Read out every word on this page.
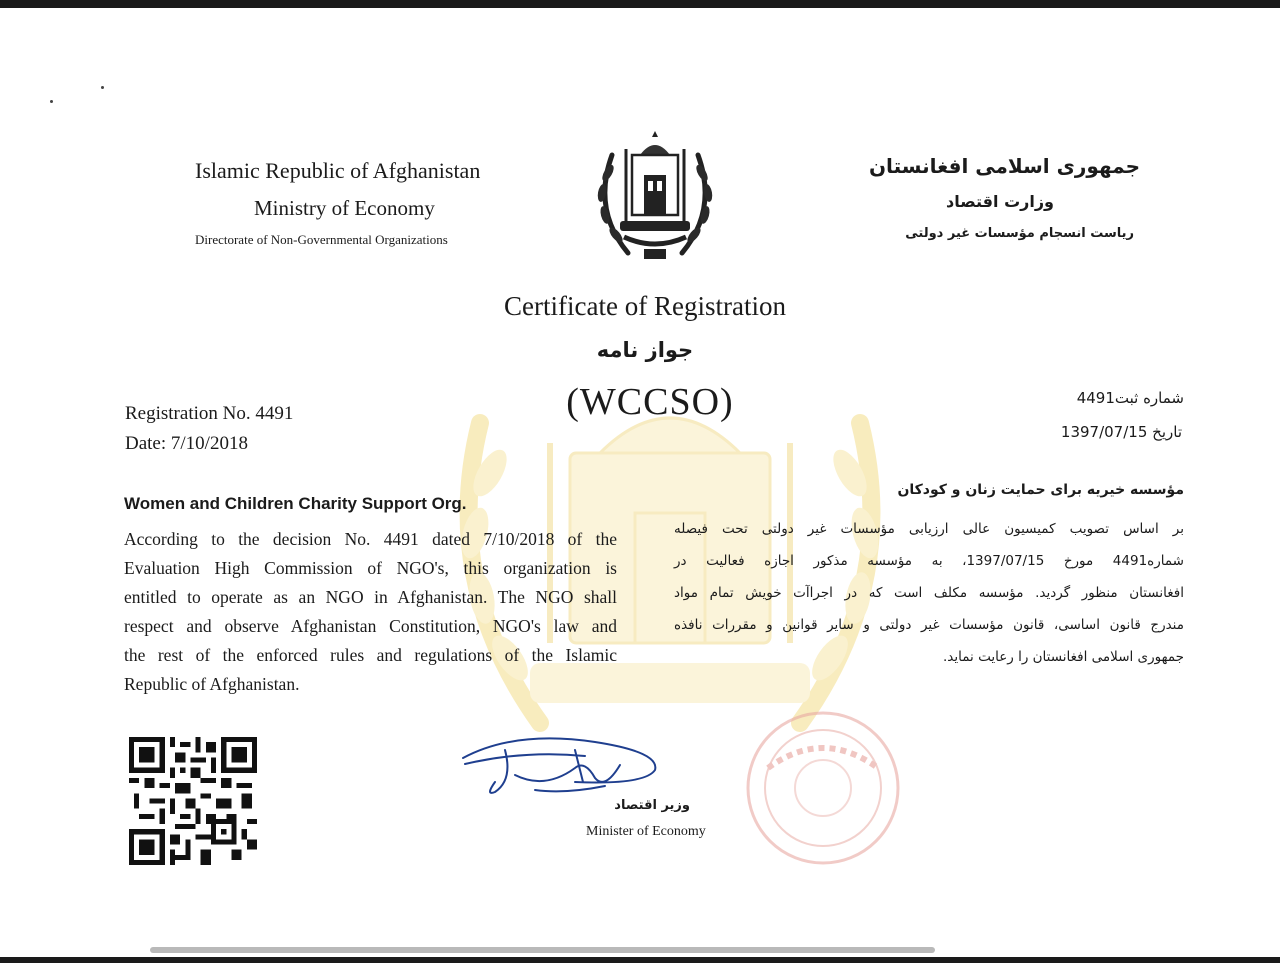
Islamic Republic of Afghanistan
Ministry of Economy
Directorate of Non-Governmental Organizations
جمهوری اسلامی افغانستان
وزارت اقتصاد
ریاست انسجام مؤسسات غیر دولتی
Certificate of Registration
جواز نامه
(WCCSO)
Registration No. 4491
Date: 7/10/2018
شماره ثبت4491
تاریخ 1397/07/15
Women and Children Charity Support Org.
مؤسسه خیریه برای حمایت زنان و کودکان
According to the decision No. 4491 dated 7/10/2018 of the
Evaluation High Commission of NGO's, this organization is
entitled to operate as an NGO in Afghanistan. The NGO shall
respect and observe Afghanistan Constitution, NGO's law and
the rest of the enforced rules and regulations of the Islamic
Republic of Afghanistan.
بر اساس تصویب کمیسیون عالی ارزیابی مؤسسات غیر دولتی تحت فیصله
شماره4491 مورخ 1397/07/15، به مؤسسه مذکور اجازه فعالیت در
افغانستان منظور گردید. مؤسسه مکلف است که در اجراآت خویش تمام مواد
مندرج قانون اساسی، قانون مؤسسات غیر دولتی و سایر قوانین و مقررات نافذه
جمهوری اسلامی افغانستان را رعایت نماید.
وزیر اقتصاد
Minister of Economy
